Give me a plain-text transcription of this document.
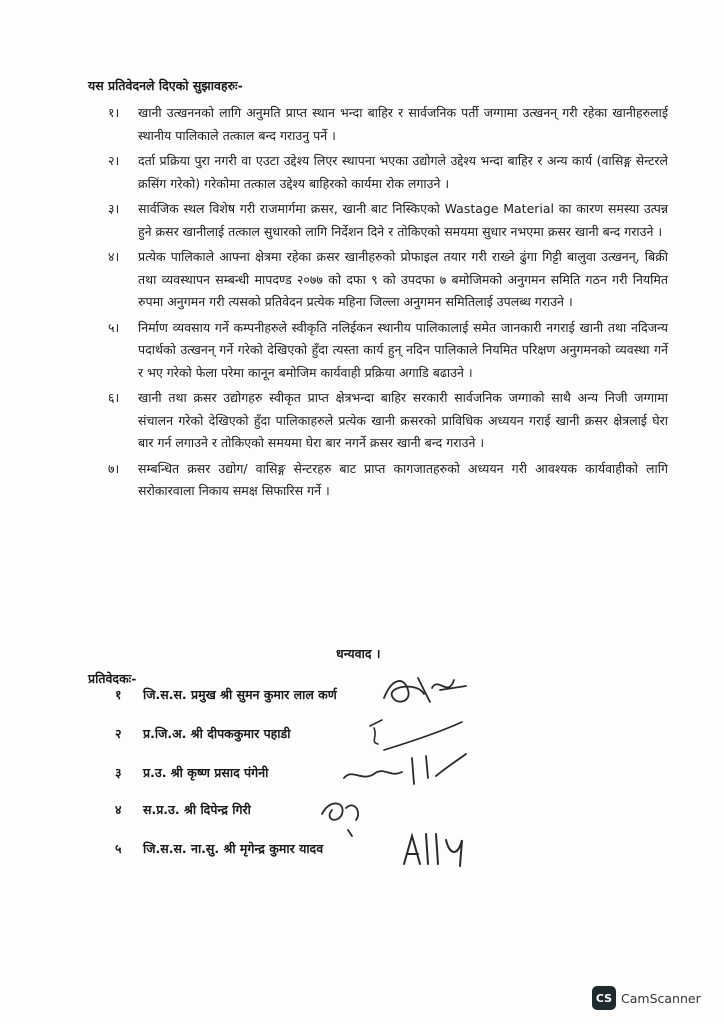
यस प्रतिवेदनले दिएको सुझावहरुः-
१। खानी उत्खननको लागि अनुमति प्राप्त स्थान भन्दा बाहिर र सार्वजनिक पर्ती जग्गामा उत्खनन् गरी रहेका खानीहरुलाई स्थानीय पालिकाले तत्काल बन्द गराउनु पर्ने ।
२। दर्ता प्रक्रिया पुरा नगरी वा एउटा उद्देश्य लिएर स्थापना भएका उद्योगले उद्देश्य भन्दा बाहिर र अन्य कार्य (वासिङ्ग सेन्टरले क्रसिंग गरेको) गरेकोमा तत्काल उद्देश्य बाहिरको कार्यमा रोक लगाउने ।
३। सार्वजिक स्थल विशेष गरी राजमार्गमा क्रसर, खानी बाट निस्किएको Wastage Material का कारण समस्या उत्पन्न हुने क्रसर खानीलाई तत्काल सुधारको लागि निर्देशन दिने र तोकिएको समयमा सुधार नभएमा क्रसर खानी बन्द गराउने ।
४। प्रत्येक पालिकाले आफ्ना क्षेत्रमा रहेका क्रसर खानीहरुको प्रोफाइल तयार गरी राख्ने ढुंगा गिट्टी बालुवा उत्खनन्, बिक्री तथा व्यवस्थापन सम्बन्धी मापदण्ड २०७७ को दफा ९ को उपदफा ७ बमोजिमको अनुगमन समिति गठन गरी नियमित रुपमा अनुगमन गरी त्यसको प्रतिवेदन प्रत्येक महिना जिल्ला अनुगमन समितिलाई उपलब्ध गराउने ।
५। निर्माण व्यवसाय गर्ने कम्पनीहरुले स्वीकृति नलिईकन स्थानीय पालिकालाई समेत जानकारी नगराई खानी तथा नदिजन्य पदार्थको उत्खनन् गर्ने गरेको देखिएको हुँदा त्यस्ता कार्य हुन् नदिन पालिकाले नियमित परिक्षण अनुगमनको व्यवस्था गर्ने र भए गरेको फेला परेमा कानून बमोजिम कार्यवाही प्रक्रिया अगाडि बढाउने ।
६। खानी तथा क्रसर उद्योगहरु स्वीकृत प्राप्त क्षेत्रभन्दा बाहिर सरकारी सार्वजनिक जग्गाको साथै अन्य निजी जग्गामा संचालन गरेको देखिएको हुँदा पालिकाहरुले प्रत्येक खानी क्रसरको प्राविधिक अध्ययन गराई खानी क्रसर क्षेत्रलाई घेरा बार गर्न लगाउने र तोकिएको समयमा घेरा बार नगर्ने क्रसर खानी बन्द गराउने ।
७। सम्बन्धित क्रसर उद्योग/ वासिङ्ग सेन्टरहरु बाट प्राप्त कागजातहरुको अध्ययन गरी आवश्यक कार्यवाहीको लागि सरोकारवाला निकाय समक्ष सिफारिस गर्ने ।
धन्यवाद ।
प्रतिवेदकः-
१ जि.स.स. प्रमुख श्री सुमन कुमार लाल कर्ण
२ प्र.जि.अ. श्री दीपककुमार पहाडी
३ प्र.उ. श्री कृष्ण प्रसाद पंगेनी
४ स.प्र.उ. श्री दिपेन्द्र गिरी
५ जि.स.स. ना.सु. श्री मृगेन्द्र कुमार यादव
CS CamScanner
